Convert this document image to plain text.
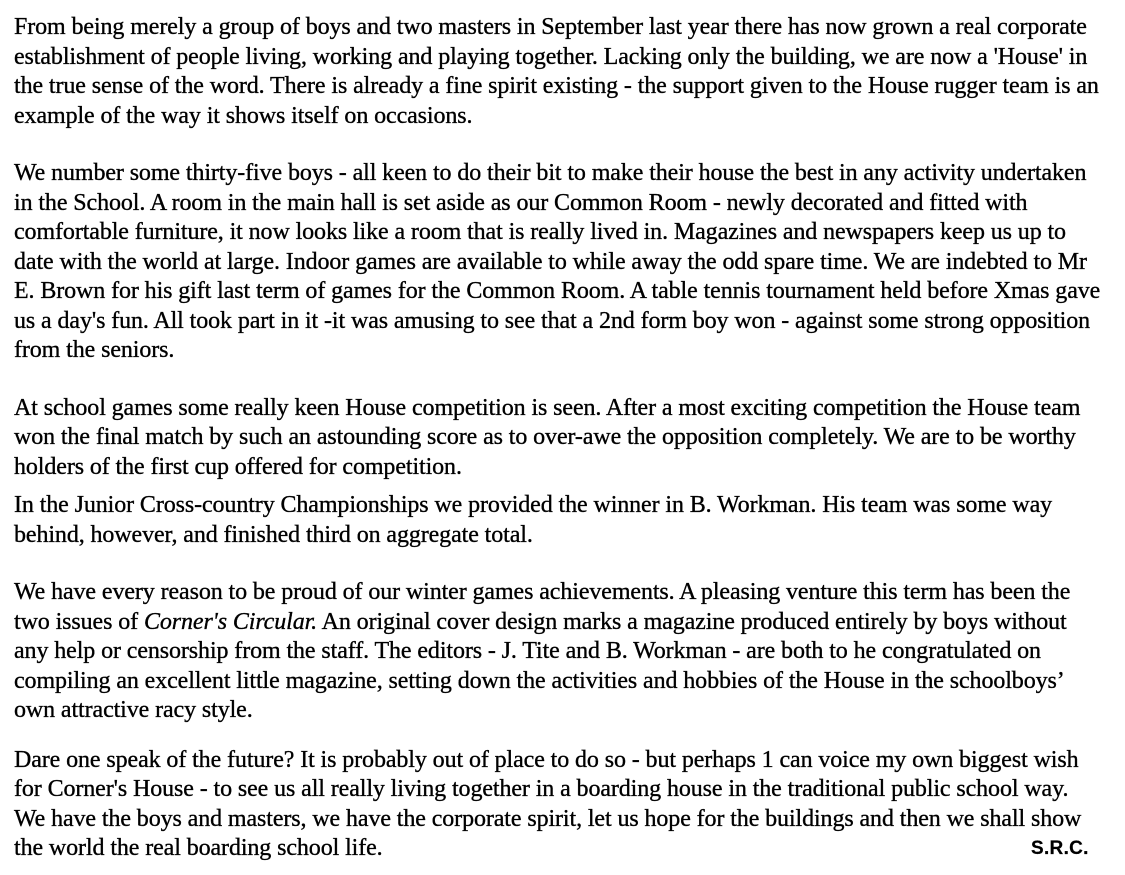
From being merely a group of boys and two masters in September last year there has now grown a real corporate establishment of people living, working and playing together. Lacking only the building, we are now a 'House' in the true sense of the word. There is already a fine spirit existing - the support given to the House rugger team is an example of the way it shows itself on occasions.

We number some thirty-five boys - all keen to do their bit to make their house the best in any activity undertaken in the School. A room in the main hall is set aside as our Common Room - newly decorated and fitted with comfortable furniture, it now looks like a room that is really lived in. Magazines and newspapers keep us up to date with the world at large. Indoor games are available to while away the odd spare time. We are indebted to Mr E. Brown for his gift last term of games for the Common Room. A table tennis tournament held before Xmas gave us a day's fun. All took part in it -it was amusing to see that a 2nd form boy won - against some strong opposition from the seniors.

At school games some really keen House competition is seen. After a most exciting competition the House team won the final match by such an astounding score as to over-awe the opposition completely. We are to be worthy holders of the first cup offered for competition.

In the Junior Cross-country Championships we provided the winner in B. Workman. His team was some way behind, however, and finished third on aggregate total.

We have every reason to be proud of our winter games achievements. A pleasing venture this term has been the two issues of Corner's Circular. An original cover design marks a magazine produced entirely by boys without any help or censorship from the staff. The editors - J. Tite and B. Workman - are both to he congratulated on compiling an excellent little magazine, setting down the activities and hobbies of the House in the schoolboys’ own attractive racy style.

Dare one speak of the future? It is probably out of place to do so - but perhaps 1 can voice my own biggest wish for Corner's House - to see us all really living together in a boarding house in the traditional public school way. We have the boys and masters, we have the corporate spirit, let us hope for the buildings and then we shall show the world the real boarding school life.	S.R.C.
